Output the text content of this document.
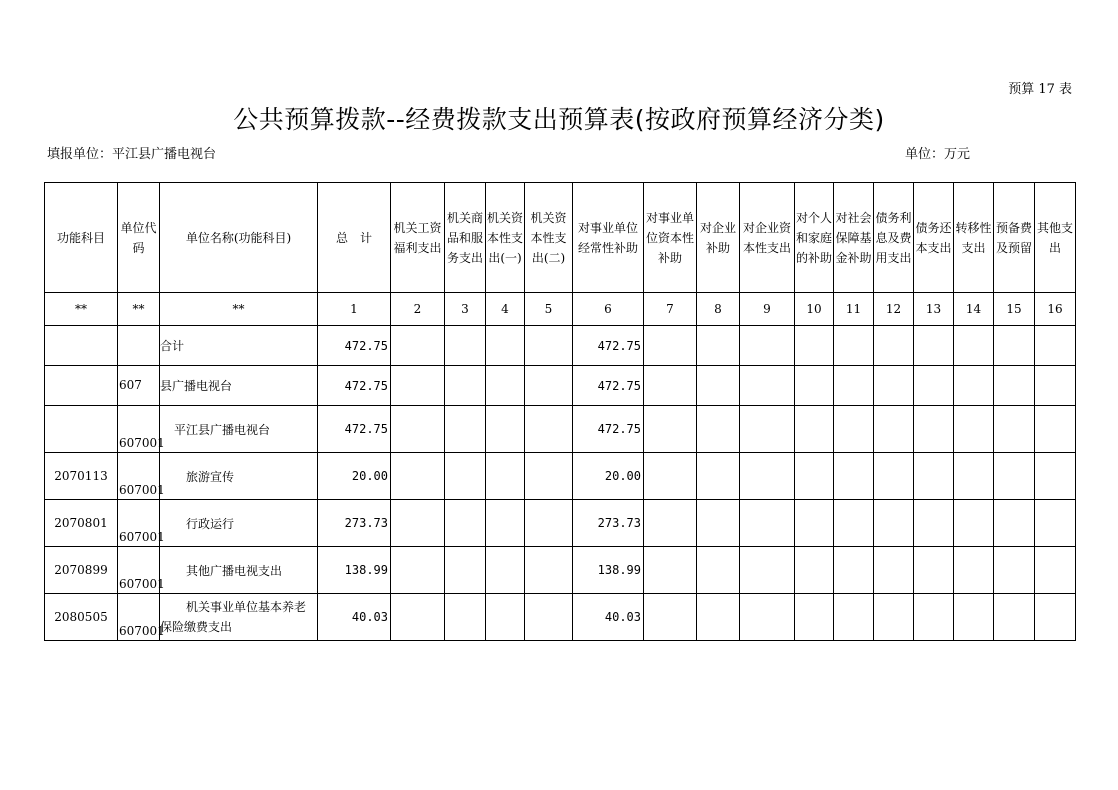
预算 17 表
公共预算拨款--经费拨款支出预算表(按政府预算经济分类)
填报单位：平江县广播电视台	单位：万元
功能科目	单位代码	单位名称(功能科目)	总　计	机关工资福利支出	机关商品和服务支出	机关资本性支出(一)	机关资本性支出(二)	对事业单位经常性补助	对事业单位资本性补助	对企业补助	对企业资本性支出	对个人和家庭的补助	对社会保障基金补助	债务利息及费用支出	债务还本支出	转移性支出	预备费及预留	其他支出
**	**	**	1	2	3	4	5	6	7	8	9	10	11	12	13	14	15	16
		合计	472.75					472.75										
	607	县广播电视台	472.75					472.75										
	607001	平江县广播电视台	472.75					472.75										
2070113	607001	旅游宣传	20.00					20.00										
2070801	607001	行政运行	273.73					273.73										
2070899	607001	其他广播电视支出	138.99					138.99										
2080505	607001	机关事业单位基本养老保险缴费支出	40.03					40.03										
